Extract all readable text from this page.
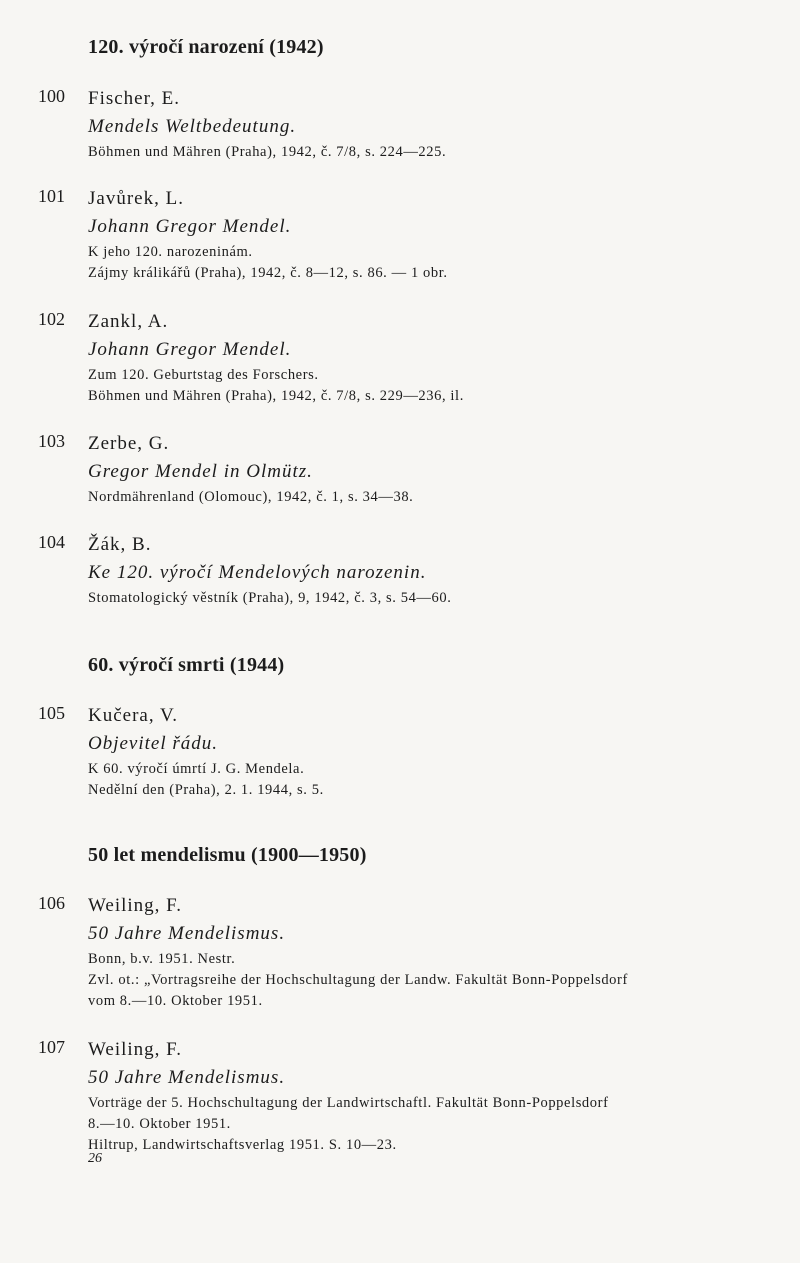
120. výročí narození (1942)
100 Fischer, E.
Mendels Weltbedeutung.
Böhmen und Mähren (Praha), 1942, č. 7/8, s. 224—225.
101 Javůrek, L.
Johann Gregor Mendel.
K jeho 120. narozeninám.
Zájmy králikářů (Praha), 1942, č. 8—12, s. 86. — 1 obr.
102 Zankl, A.
Johann Gregor Mendel.
Zum 120. Geburtstag des Forschers.
Böhmen und Mähren (Praha), 1942, č. 7/8, s. 229—236, il.
103 Zerbe, G.
Gregor Mendel in Olmütz.
Nordmährenland (Olomouc), 1942, č. 1, s. 34—38.
104 Žák, B.
Ke 120. výročí Mendelových narozenin.
Stomatologický věstník (Praha), 9, 1942, č. 3, s. 54—60.
60. výročí smrti (1944)
105 Kučera, V.
Objevitel řádu.
K 60. výročí úmrtí J. G. Mendela.
Nedělní den (Praha), 2. 1. 1944, s. 5.
50 let mendelismu (1900—1950)
106 Weiling, F.
50 Jahre Mendelismus.
Bonn, b.v. 1951. Nestr.
Zvl. ot.: „Vortragsreihe der Hochschultagung der Landw. Fakultät Bonn-Poppelsdorf
vom 8.—10. Oktober 1951.
107 Weiling, F.
50 Jahre Mendelismus.
Vorträge der 5. Hochschultagung der Landwirtschaftl. Fakultät Bonn-Poppelsdorf
8.—10. Oktober 1951.
Hiltrup, Landwirtschaftsverlag 1951. S. 10—23.
26
